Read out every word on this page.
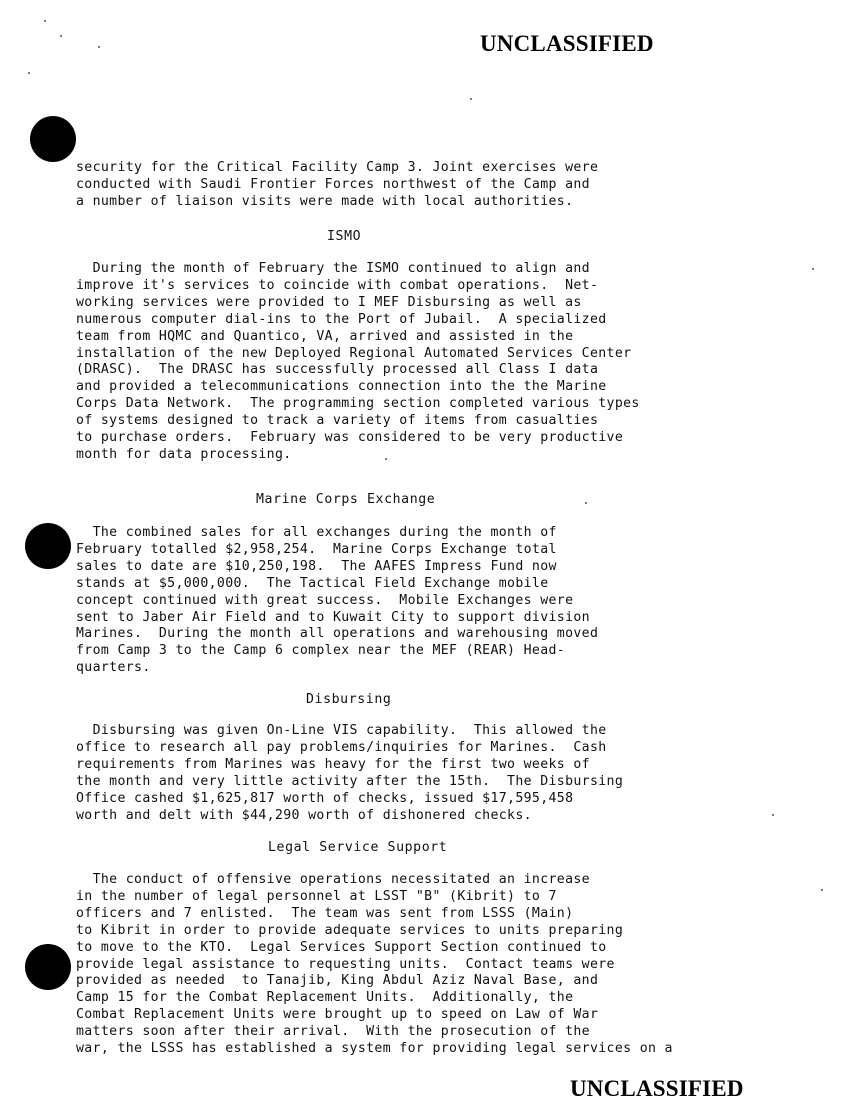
UNCLASSIFIED
security for the Critical Facility Camp 3. Joint exercises were
conducted with Saudi Frontier Forces northwest of the Camp and
a number of liaison visits were made with local authorities.
ISMO
During the month of February the ISMO continued to align and
improve it's services to coincide with combat operations.  Net-
working services were provided to I MEF Disbursing as well as
numerous computer dial-ins to the Port of Jubail.  A specialized
team from HQMC and Quantico, VA, arrived and assisted in the
installation of the new Deployed Regional Automated Services Center
(DRASC).  The DRASC has successfully processed all Class I data
and provided a telecommunications connection into the the Marine
Corps Data Network.  The programming section completed various types
of systems designed to track a variety of items from casualties
to purchase orders.  February was considered to be very productive
month for data processing.
Marine Corps Exchange
The combined sales for all exchanges during the month of
February totalled $2,958,254.  Marine Corps Exchange total
sales to date are $10,250,198.  The AAFES Impress Fund now
stands at $5,000,000.  The Tactical Field Exchange mobile
concept continued with great success.  Mobile Exchanges were
sent to Jaber Air Field and to Kuwait City to support division
Marines.  During the month all operations and warehousing moved
from Camp 3 to the Camp 6 complex near the MEF (REAR) Head-
quarters.
Disbursing
Disbursing was given On-Line VIS capability.  This allowed the
office to research all pay problems/inquiries for Marines.  Cash
requirements from Marines was heavy for the first two weeks of
the month and very little activity after the 15th.  The Disbursing
Office cashed $1,625,817 worth of checks, issued $17,595,458
worth and delt with $44,290 worth of dishonered checks.
Legal Service Support
The conduct of offensive operations necessitated an increase
in the number of legal personnel at LSST "B" (Kibrit) to 7
officers and 7 enlisted.  The team was sent from LSSS (Main)
to Kibrit in order to provide adequate services to units preparing
to move to the KTO.  Legal Services Support Section continued to
provide legal assistance to requesting units.  Contact teams were
provided as needed  to Tanajib, King Abdul Aziz Naval Base, and
Camp 15 for the Combat Replacement Units.  Additionally, the
Combat Replacement Units were brought up to speed on Law of War
matters soon after their arrival.  With the prosecution of the
war, the LSSS has established a system for providing legal services on a
UNCLASSIFIED
